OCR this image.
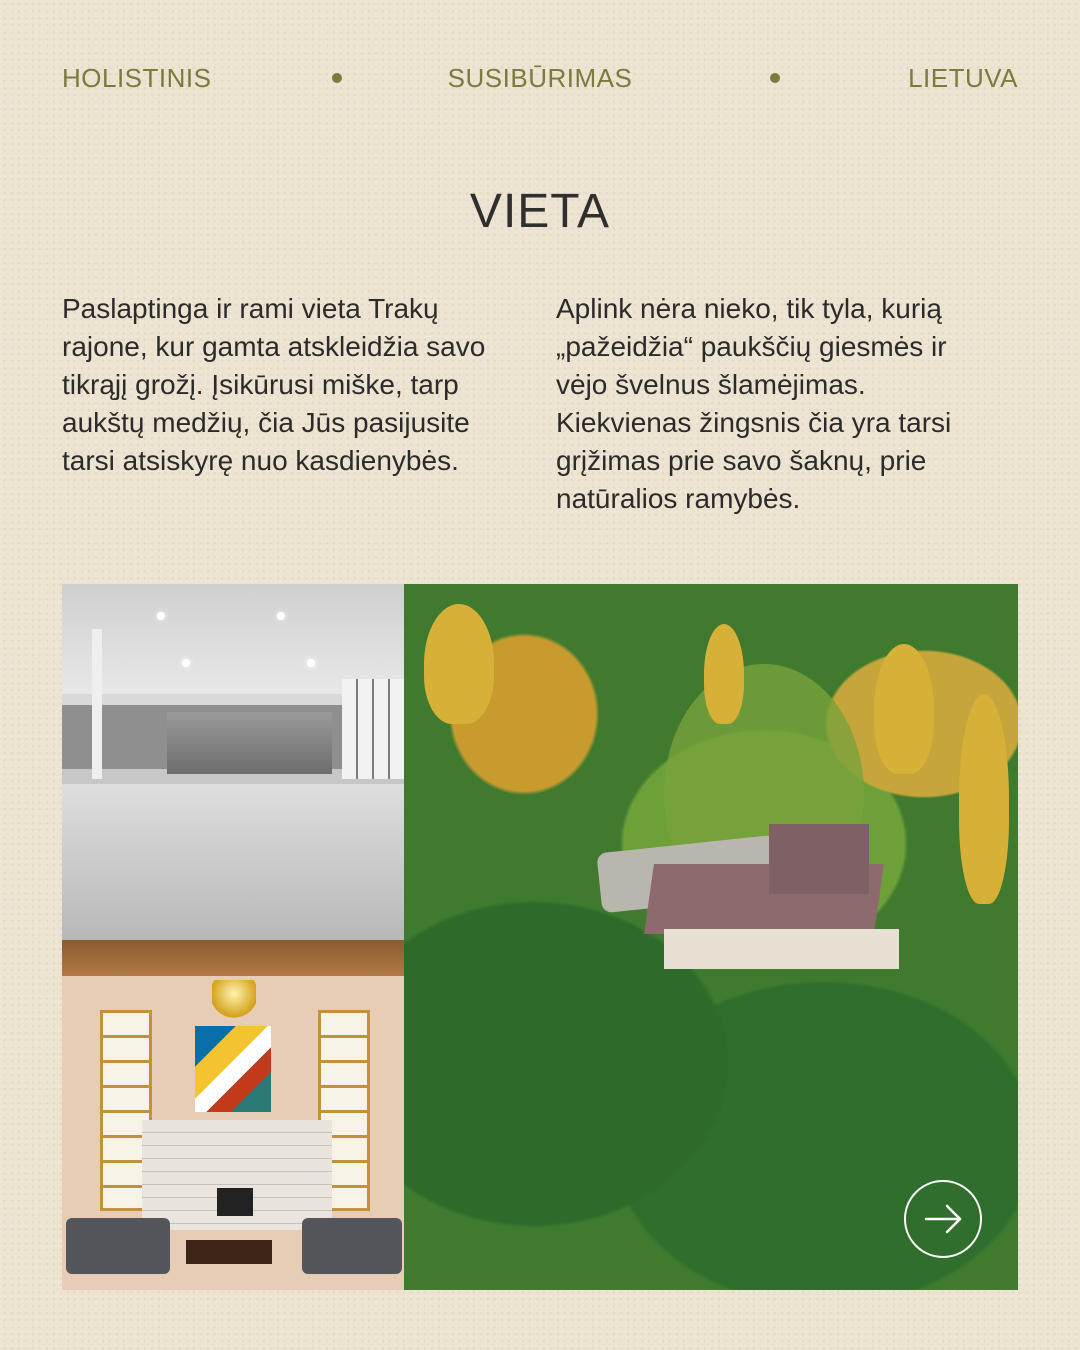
HOLISTINIS	SUSIBŪRIMAS	LIETUVA
VIETA
Paslaptinga ir rami vieta Trakų rajone, kur gamta atskleidžia savo tikrąjį grožį. Įsikūrusi miške, tarp aukštų medžių, čia Jūs pasijusite tarsi atsiskyrę nuo kasdienybės.
Aplink nėra nieko, tik tyla, kurią „pažeidžia“ paukščių giesmės ir vėjo švelnus šlamėjimas. Kiekvienas žingsnis čia yra tarsi grįžimas prie savo šaknų, prie natūralios ramybės.
